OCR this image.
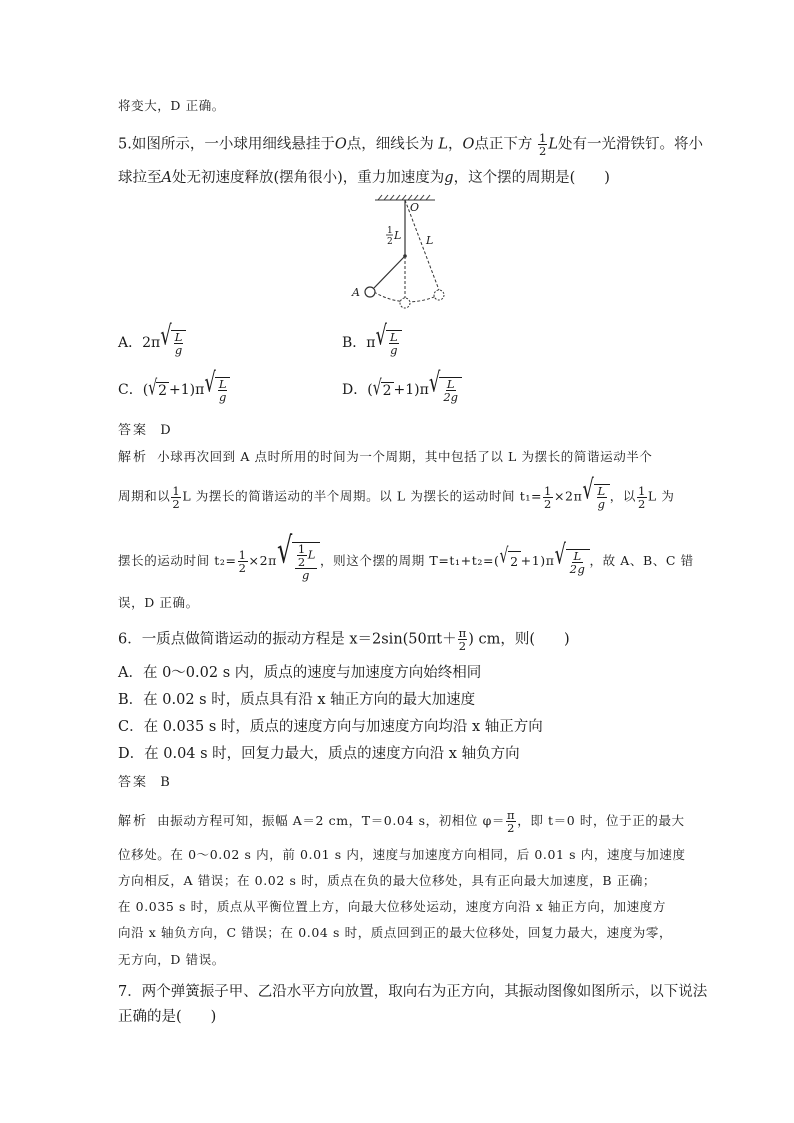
将变大，D 正确。
5.如图所示，一小球用细线悬挂于O点，细线长为 L，O点正下方 $\frac{1}{2}$ L处有一光滑铁钉。将小
球拉至A处无初速度释放(摆角很小)，重力加速度为g，这个摆的周期是(　　)
O
L
1
2 L
A
A．2π √ $\frac{L}{g}$	B．π √ $\frac{L}{g}$
C．( √ 2 +1)π √ $\frac{L}{g}$	D．( √ 2 +1)π √ $\frac{L}{2g}$
答案 D
解析 小球再次回到 A 点时所用的时间为一个周期，其中包括了以 L 为摆长的简谐运动半个
周期和以 $\frac{1}{2}$ L 为摆长的简谐运动的半个周期。以 L 为摆长的运动时间 $t_1= \frac{1}{2} \times 2\pi$ √ $\frac{L}{g}$ ，以 $\frac{1}{2}$ L 为
摆长的运动时间 $t_2= \frac{1}{2} \times 2\pi$ √ $\frac{\frac{1}{2} L}{g}$ ，则这个摆的周期 T=t₁+t₂=( √ 2 +1)π √ $\frac{L}{2g}$ ，故 A、B、C 错
误，D 正确。
6．一质点做简谐运动的振动方程是 $x=2\sin(50\pi t+ \frac{\pi}{2}$ ) cm，则(　　)
A．在 0～0.02 s 内，质点的速度与加速度方向始终相同
B．在 0.02 s 时，质点具有沿 x 轴正方向的最大加速度
C．在 0.035 s 时，质点的速度方向与加速度方向均沿 x 轴正方向
D．在 0.04 s 时，回复力最大，质点的速度方向沿 x 轴负方向
答案 B
解析 由振动方程可知，振幅 A＝2 cm，T＝0.04 s，初相位 $\varphi= \frac{\pi}{2}$ ，即 t＝0 时，位于正的最大
位移处。在 0～0.02 s 内，前 0.01 s 内，速度与加速度方向相同，后 0.01 s 内，速度与加速度
方向相反，A 错误；在 0.02 s 时，质点在负的最大位移处，具有正向最大加速度，B 正确；
在 0.035 s 时，质点从平衡位置上方，向最大位移处运动，速度方向沿 x 轴正方向，加速度方
向沿 x 轴负方向，C 错误；在 0.04 s 时，质点回到正的最大位移处，回复力最大，速度为零，
无方向，D 错误。
7．两个弹簧振子甲、乙沿水平方向放置，取向右为正方向，其振动图像如图所示，以下说法
正确的是(　　)
